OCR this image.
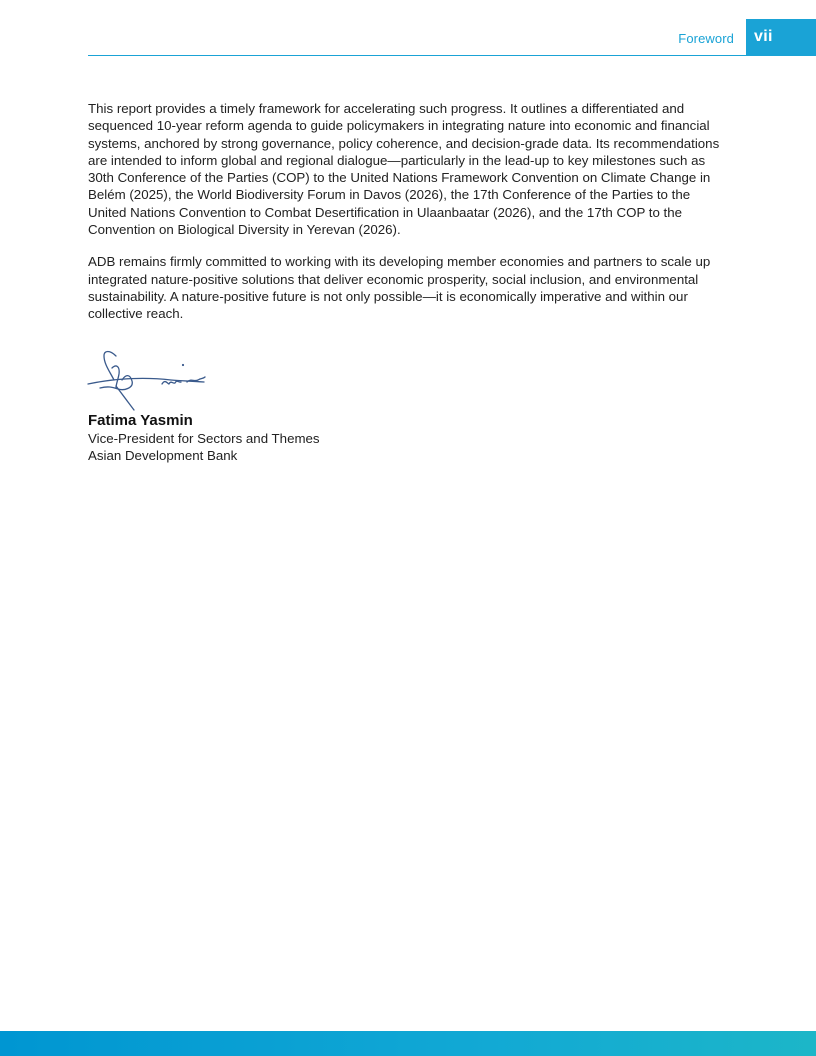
Foreword vii

This report provides a timely framework for accelerating such progress. It outlines a differentiated and sequenced 10-year reform agenda to guide policymakers in integrating nature into economic and financial systems, anchored by strong governance, policy coherence, and decision-grade data. Its recommendations are intended to inform global and regional dialogue—particularly in the lead-up to key milestones such as 30th Conference of the Parties (COP) to the United Nations Framework Convention on Climate Change in Belém (2025), the World Biodiversity Forum in Davos (2026), the 17th Conference of the Parties to the United Nations Convention to Combat Desertification in Ulaanbaatar (2026), and the 17th COP to the Convention on Biological Diversity in Yerevan (2026).

ADB remains firmly committed to working with its developing member economies and partners to scale up integrated nature-positive solutions that deliver economic prosperity, social inclusion, and environmental sustainability. A nature-positive future is not only possible—it is economically imperative and within our collective reach.

Fatima Yasmin
Vice-President for Sectors and Themes
Asian Development Bank
